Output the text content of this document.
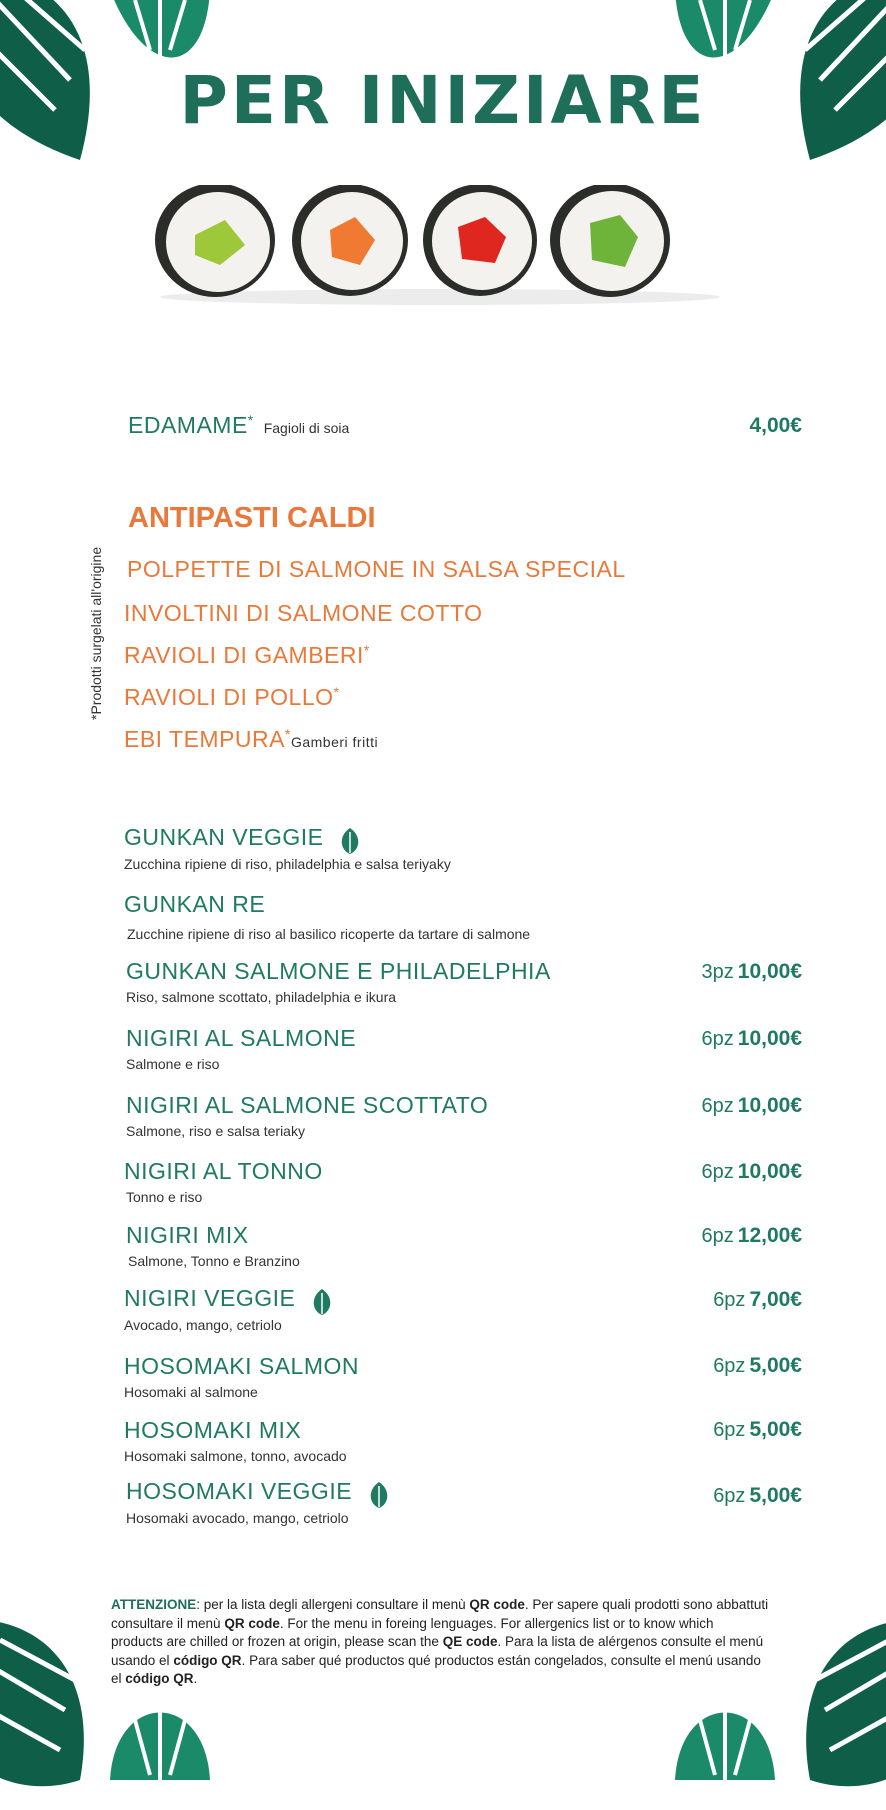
PER INIZIARE
*Prodotti surgelati all'origine
EDAMAME* Fagioli di soia	4,00€
ANTIPASTI CALDI
POLPETTE DI SALMONE IN SALSA SPECIAL
INVOLTINI DI SALMONE COTTO
RAVIOLI DI GAMBERI*
RAVIOLI DI POLLO*
EBI TEMPURA*Gamberi fritti
GUNKAN VEGGIE
Zucchina ripiene di riso, philadelphia e salsa teriyaky
GUNKAN RE
Zucchine ripiene di riso al basilico ricoperte da tartare di salmone
GUNKAN SALMONE E PHILADELPHIA
Riso, salmone scottato, philadelphia e ikura
3pz 10,00€
NIGIRI AL SALMONE
Salmone e riso
6pz 10,00€
NIGIRI AL SALMONE SCOTTATO
Salmone, riso e salsa teriaky
6pz 10,00€
NIGIRI AL TONNO
Tonno e riso
6pz 10,00€
NIGIRI MIX
Salmone, Tonno e Branzino
6pz 12,00€
NIGIRI VEGGIE
Avocado, mango, cetriolo
6pz 7,00€
HOSOMAKI SALMON
Hosomaki al salmone
6pz 5,00€
HOSOMAKI MIX
Hosomaki salmone, tonno, avocado
6pz 5,00€
HOSOMAKI VEGGIE
Hosomaki avocado, mango, cetriolo
6pz 5,00€
ATTENZIONE: per la lista degli allergeni consultare il menù QR code. Per sapere quali prodotti sono abbattuti consultare il menù QR code. For the menu in foreing lenguages. For allergenics list or to know which products are chilled or frozen at origin, please scan the QE code. Para la lista de alérgenos consulte el menú usando el código QR. Para saber qué productos qué productos están congelados, consulte el menú usando el código QR.
